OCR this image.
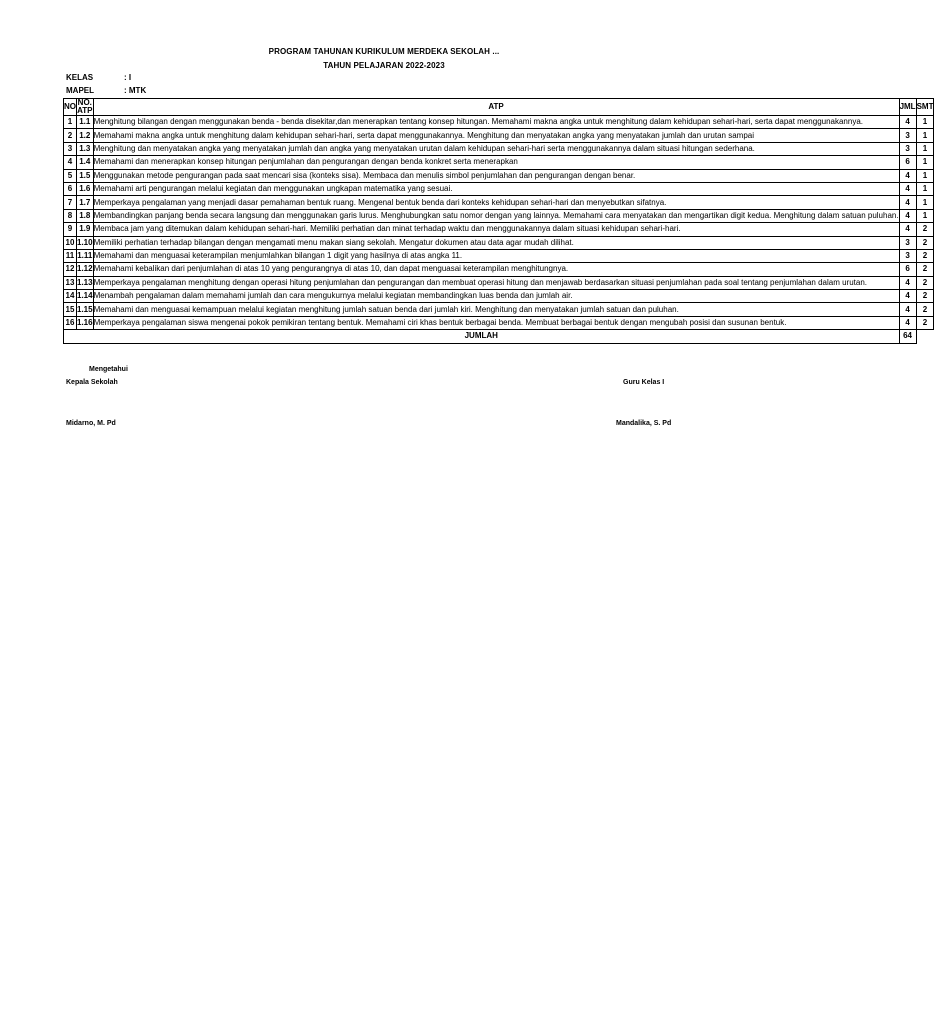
PROGRAM TAHUNAN KURIKULUM MERDEKA SEKOLAH ...
TAHUN PELAJARAN 2022-2023
KELAS	: I
MAPEL	: MTK
NO	NO. ATP	ATP	JML	SMT
1	1.1	Menghitung bilangan dengan menggunakan benda - benda disekitar,dan menerapkan tentang konsep hitungan. Memahami makna angka untuk menghitung dalam kehidupan sehari-hari, serta dapat menggunakannya.	4	1
2	1.2	Memahami makna angka untuk menghitung dalam kehidupan sehari-hari, serta dapat menggunakannya. Menghitung dan menyatakan angka yang menyatakan jumlah dan urutan sampai	3	1
3	1.3	Menghitung dan menyatakan angka yang menyatakan jumlah dan angka yang menyatakan urutan dalam kehidupan sehari-hari serta menggunakannya dalam situasi hitungan sederhana.	3	1
4	1.4	Memahami dan menerapkan konsep hitungan penjumlahan dan pengurangan dengan benda konkret serta menerapkan	6	1
5	1.5	Menggunakan metode pengurangan pada saat mencari sisa (konteks sisa). Membaca dan menulis simbol penjumlahan dan pengurangan dengan benar.	4	1
6	1.6	Memahami arti pengurangan melalui kegiatan dan menggunakan ungkapan matematika yang sesuai.	4	1
7	1.7	Memperkaya pengalaman yang menjadi dasar pemahaman bentuk ruang. Mengenal bentuk benda dari konteks kehidupan sehari-hari dan menyebutkan sifatnya.	4	1
8	1.8	Membandingkan panjang benda secara langsung dan menggunakan garis lurus. Menghubungkan satu nomor dengan yang lainnya. Memahami cara menyatakan dan mengartikan digit kedua. Menghitung dalam satuan puluhan.	4	1
9	1.9	Membaca jam yang ditemukan dalam kehidupan sehari-hari. Memiliki perhatian dan minat terhadap waktu dan menggunakannya dalam situasi kehidupan sehari-hari.	4	2
10	1.10	Memiliki perhatian terhadap bilangan dengan mengamati menu makan siang sekolah. Mengatur dokumen atau data agar mudah dilihat.	3	2
11	1.11	Memahami dan menguasai keterampilan menjumlahkan bilangan 1 digit yang hasilnya di atas angka 11.	3	2
12	1.12	Memahami kebalikan dari penjumlahan di atas 10 yang pengurangnya di atas 10, dan dapat menguasai keterampilan menghitungnya.	6	2
13	1.13	Memperkaya pengalaman menghitung dengan operasi hitung penjumlahan dan pengurangan dan membuat operasi hitung dan menjawab berdasarkan situasi penjumlahan pada soal tentang penjumlahan dalam urutan.	4	2
14	1.14	Menambah pengalaman dalam memahami jumlah dan cara mengukurnya melalui kegiatan membandingkan luas benda dan jumlah air.	4	2
15	1.15	Memahami dan menguasai kemampuan melalui kegiatan menghitung jumlah satuan benda dari jumlah kiri. Menghitung dan menyatakan jumlah satuan dan puluhan.	4	2
16	1.16	Memperkaya pengalaman siswa mengenai pokok pemikiran tentang bentuk. Memahami ciri khas bentuk berbagai benda. Membuat berbagai bentuk dengan mengubah posisi dan susunan bentuk.	4	2
JUMLAH			64	
Mengetahui
Kepala Sekolah	Guru Kelas I
Midarno, M. Pd	Mandalika, S. Pd
